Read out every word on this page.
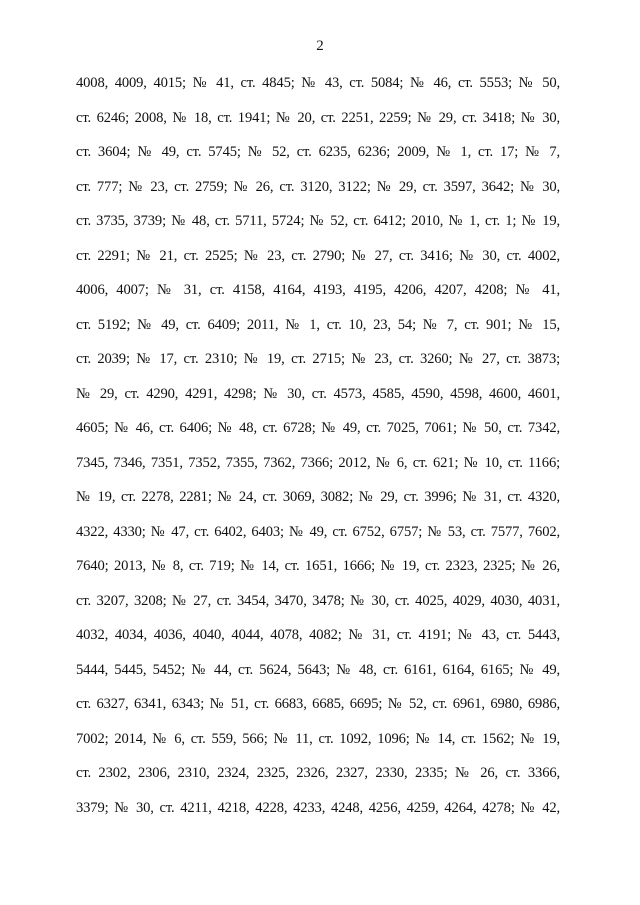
2
4008, 4009, 4015; № 41, ст. 4845; № 43, ст. 5084; № 46, ст. 5553; № 50,
ст. 6246; 2008, № 18, ст. 1941; № 20, ст. 2251, 2259; № 29, ст. 3418; № 30,
ст. 3604; № 49, ст. 5745; № 52, ст. 6235, 6236; 2009, № 1, ст. 17; № 7,
ст. 777; № 23, ст. 2759; № 26, ст. 3120, 3122; № 29, ст. 3597, 3642; № 30,
ст. 3735, 3739; № 48, ст. 5711, 5724; № 52, ст. 6412; 2010, № 1, ст. 1; № 19,
ст. 2291; № 21, ст. 2525; № 23, ст. 2790; № 27, ст. 3416; № 30, ст. 4002,
4006, 4007; № 31, ст. 4158, 4164, 4193, 4195, 4206, 4207, 4208; № 41,
ст. 5192; № 49, ст. 6409; 2011, № 1, ст. 10, 23, 54; № 7, ст. 901; № 15,
ст. 2039; № 17, ст. 2310; № 19, ст. 2715; № 23, ст. 3260; № 27, ст. 3873;
№ 29, ст. 4290, 4291, 4298; № 30, ст. 4573, 4585, 4590, 4598, 4600, 4601,
4605; № 46, ст. 6406; № 48, ст. 6728; № 49, ст. 7025, 7061; № 50, ст. 7342,
7345, 7346, 7351, 7352, 7355, 7362, 7366; 2012, № 6, ст. 621; № 10, ст. 1166;
№ 19, ст. 2278, 2281; № 24, ст. 3069, 3082; № 29, ст. 3996; № 31, ст. 4320,
4322, 4330; № 47, ст. 6402, 6403; № 49, ст. 6752, 6757; № 53, ст. 7577, 7602,
7640; 2013, № 8, ст. 719; № 14, ст. 1651, 1666; № 19, ст. 2323, 2325; № 26,
ст. 3207, 3208; № 27, ст. 3454, 3470, 3478; № 30, ст. 4025, 4029, 4030, 4031,
4032, 4034, 4036, 4040, 4044, 4078, 4082; № 31, ст. 4191; № 43, ст. 5443,
5444, 5445, 5452; № 44, ст. 5624, 5643; № 48, ст. 6161, 6164, 6165; № 49,
ст. 6327, 6341, 6343; № 51, ст. 6683, 6685, 6695; № 52, ст. 6961, 6980, 6986,
7002; 2014, № 6, ст. 559, 566; № 11, ст. 1092, 1096; № 14, ст. 1562; № 19,
ст. 2302, 2306, 2310, 2324, 2325, 2326, 2327, 2330, 2335; № 26, ст. 3366,
3379; № 30, ст. 4211, 4218, 4228, 4233, 4248, 4256, 4259, 4264, 4278; № 42,
